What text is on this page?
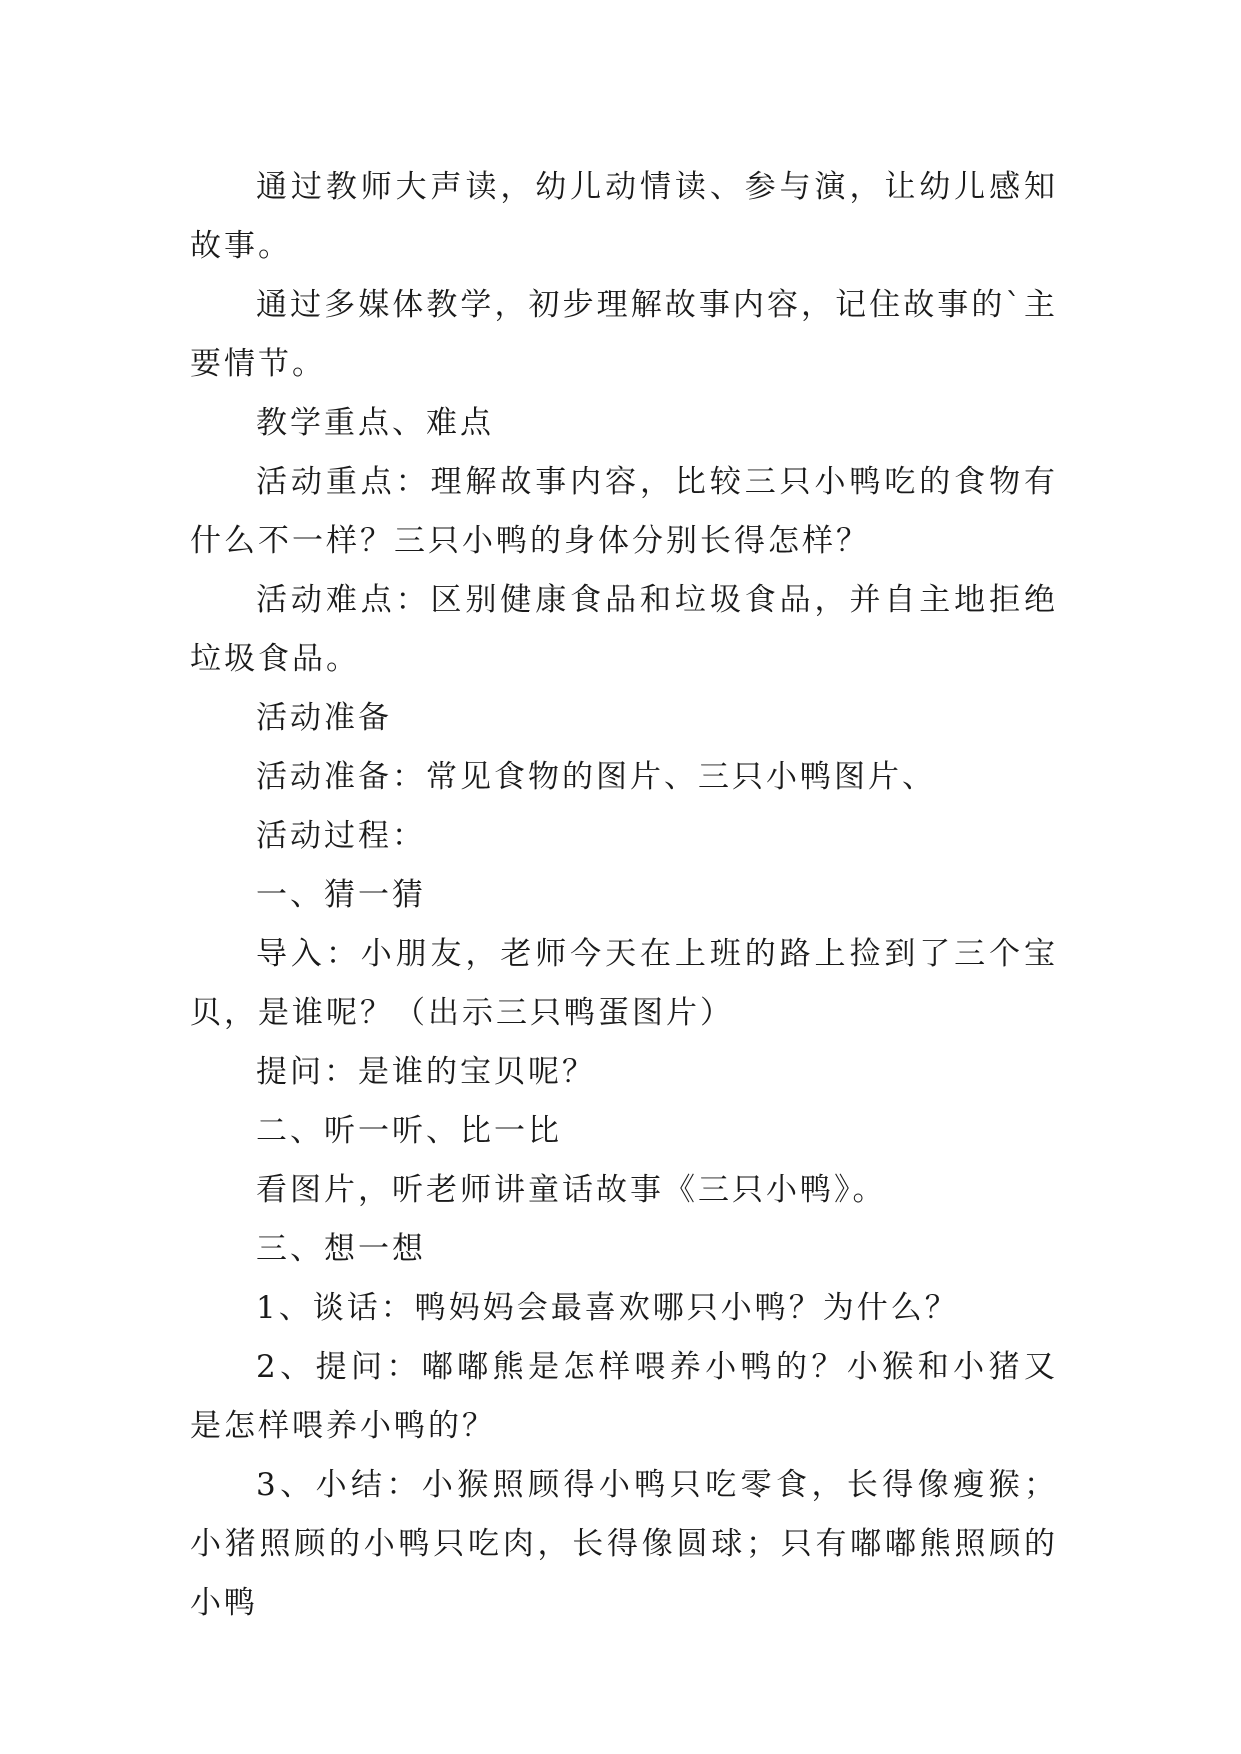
通过教师大声读，幼儿动情读、参与演，让幼儿感知故事。

通过多媒体教学，初步理解故事内容，记住故事的`主要情节。

教学重点、难点

活动重点：理解故事内容，比较三只小鸭吃的食物有什么不一样？三只小鸭的身体分别长得怎样？

活动难点：区别健康食品和垃圾食品，并自主地拒绝垃圾食品。

活动准备

活动准备：常见食物的图片、三只小鸭图片、

活动过程：

一、猜一猜

导入：小朋友，老师今天在上班的路上捡到了三个宝贝，是谁呢？（出示三只鸭蛋图片）

提问：是谁的宝贝呢？

二、听一听、比一比

看图片，听老师讲童话故事《三只小鸭》。

三、想一想

1、谈话：鸭妈妈会最喜欢哪只小鸭？为什么？

2、提问：嘟嘟熊是怎样喂养小鸭的？小猴和小猪又是怎样喂养小鸭的？

3、小结：小猴照顾得小鸭只吃零食，长得像瘦猴；小猪照顾的小鸭只吃肉，长得像圆球；只有嘟嘟熊照顾的小鸭
